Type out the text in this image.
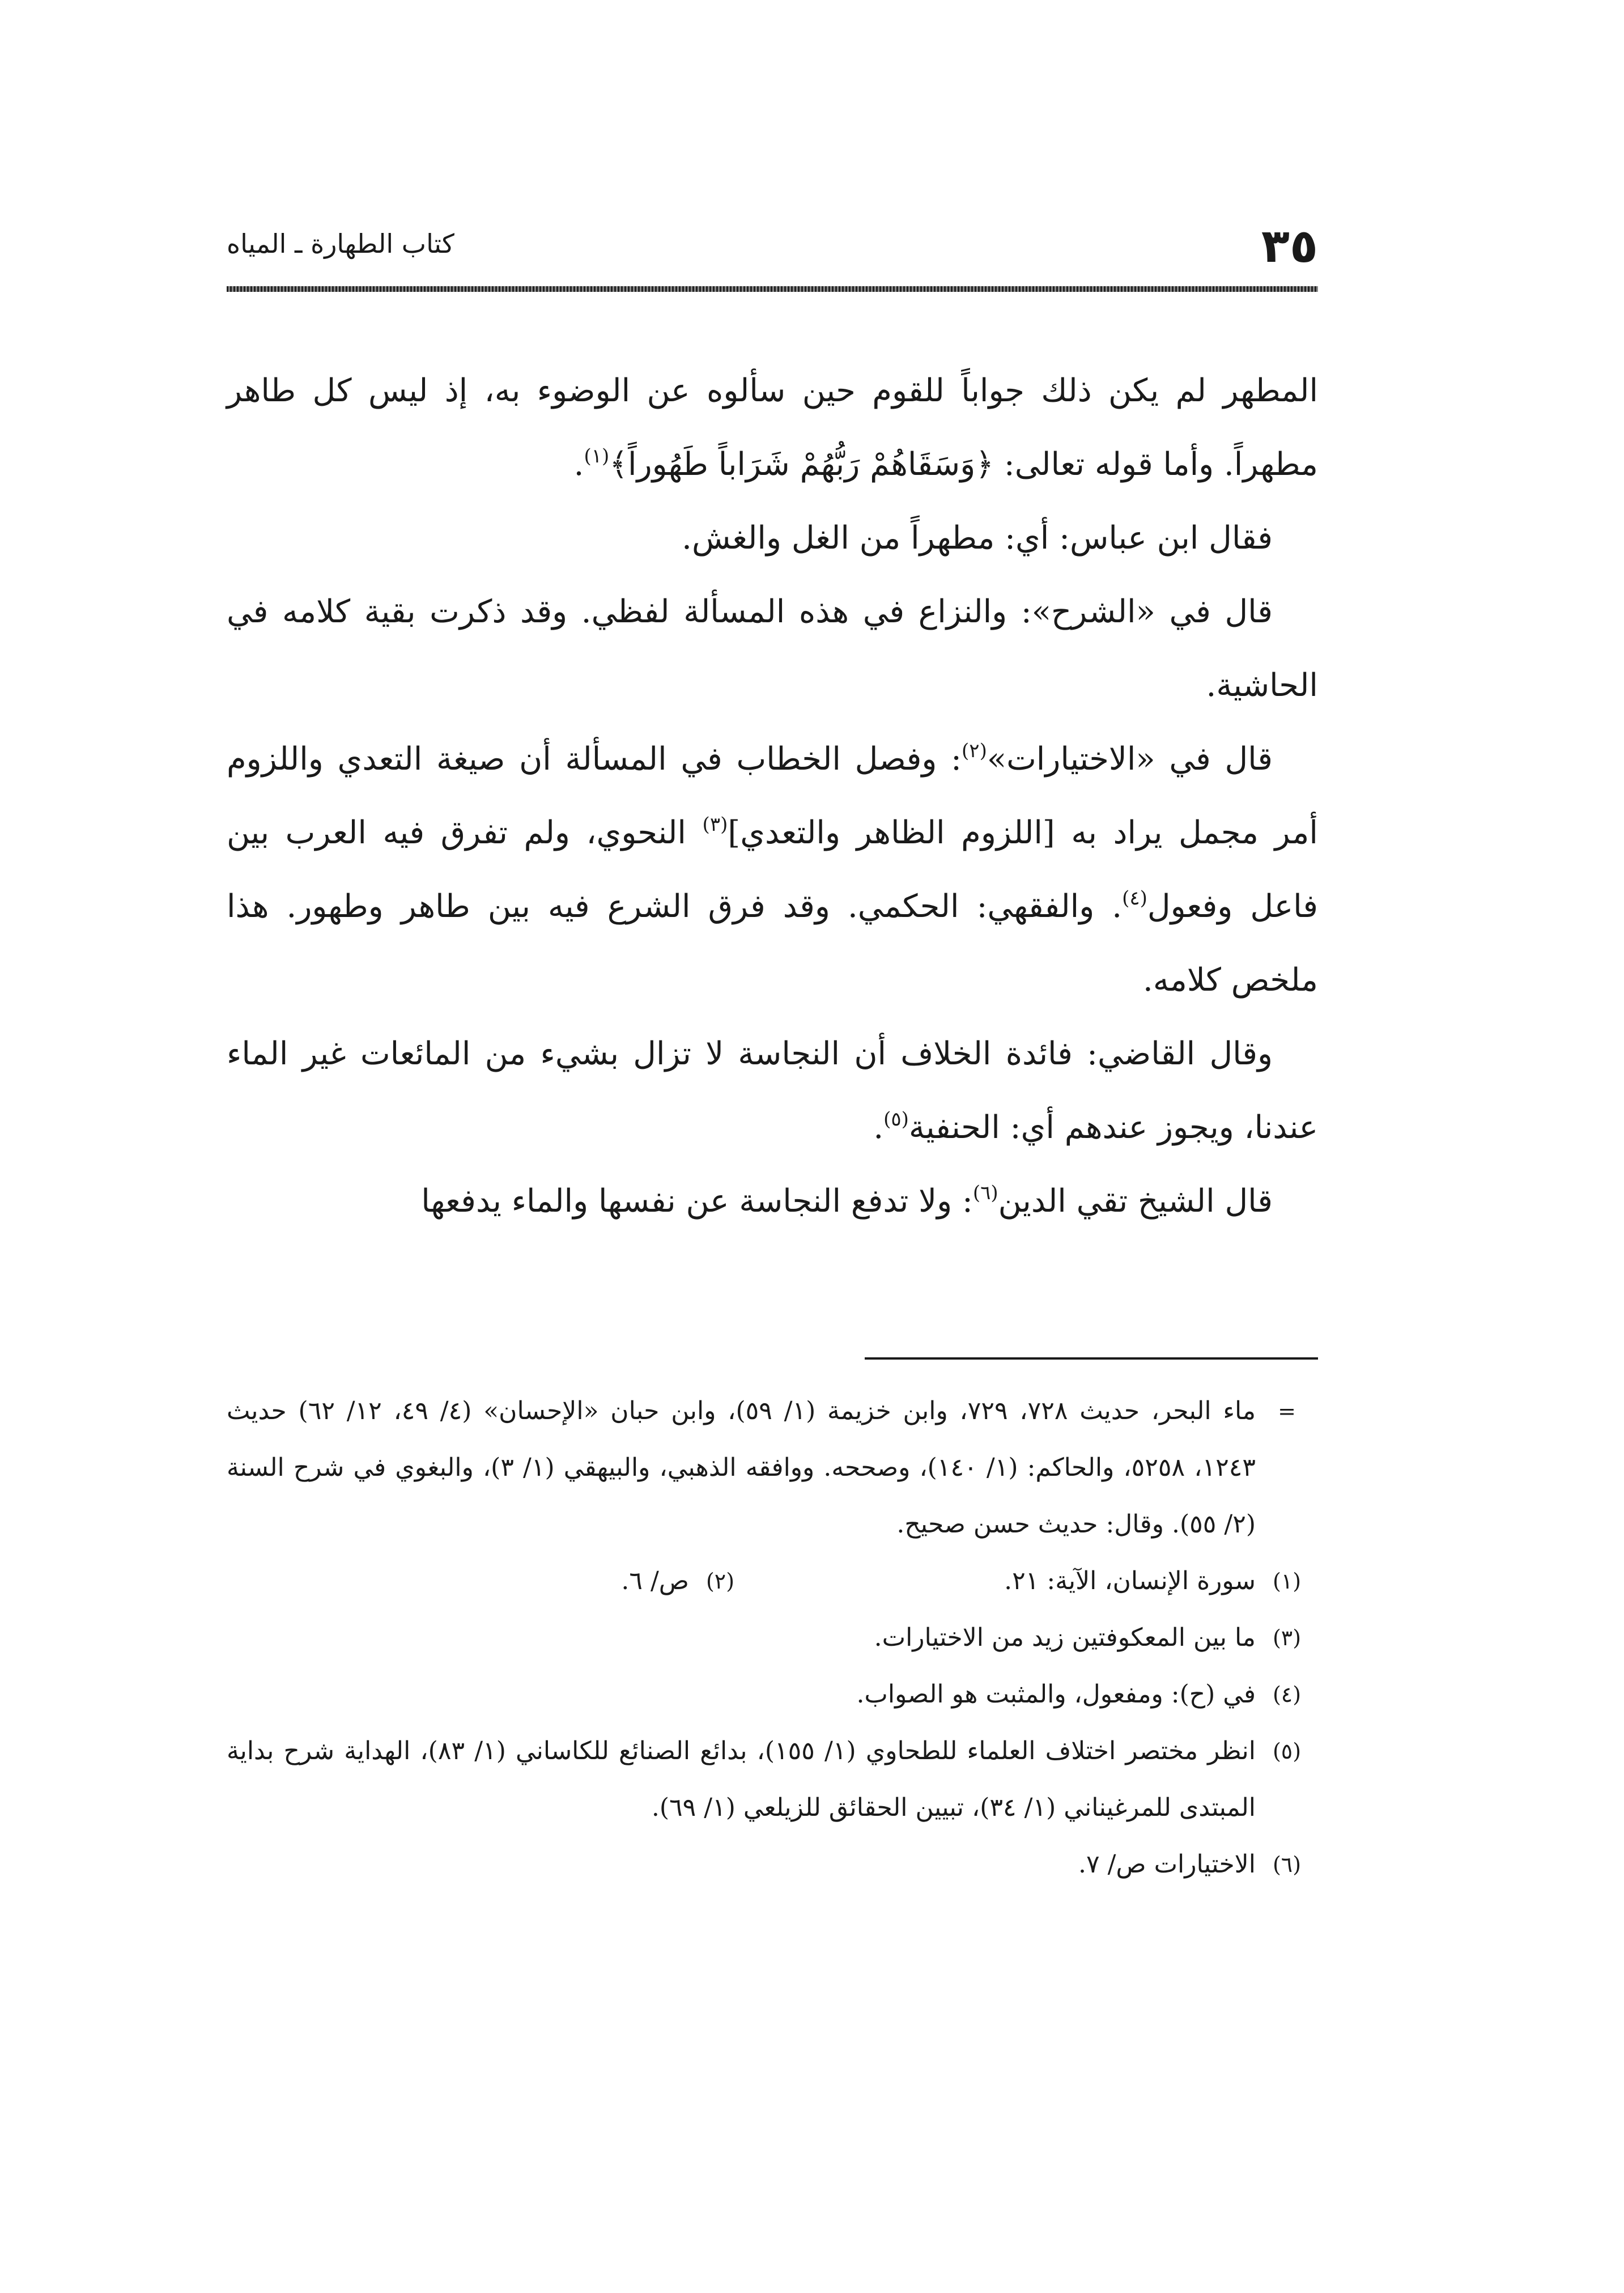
٣٥
كتاب الطهارة ـ المياه

المطهر لم يكن ذلك جواباً للقوم حين سألوه عن الوضوء به، إذ ليس كل طاهر مطهراً. وأما قوله تعالى: ﴿وَسَقَاهُمْ رَبُّهُمْ شَرَاباً طَهُوراً﴾$^{(١)}$.

فقال ابن عباس: أي: مطهراً من الغل والغش.

قال في «الشرح»: والنزاع في هذه المسألة لفظي. وقد ذكرت بقية كلامه في الحاشية.

قال في «الاختيارات»$^{(٢)}$: وفصل الخطاب في المسألة أن صيغة التعدي واللزوم أمر مجمل يراد به [اللزوم الظاهر والتعدي]$^{(٣)}$ النحوي، ولم تفرق فيه العرب بين فاعل وفعول$^{(٤)}$. والفقهي: الحكمي. وقد فرق الشرع فيه بين طاهر وطهور. هذا ملخص كلامه.

وقال القاضي: فائدة الخلاف أن النجاسة لا تزال بشيء من المائعات غير الماء عندنا، ويجوز عندهم أي: الحنفية$^{(٥)}$.

قال الشيخ تقي الدين$^{(٦)}$: ولا تدفع النجاسة عن نفسها والماء يدفعها

=
ماء البحر، حديث ٧٢٨، ٧٢٩، وابن خزيمة (١/ ٥٩)، وابن حبان «الإحسان» (٤/ ٤٩، ١٢/ ٦٢) حديث ١٢٤٣، ٥٢٥٨، والحاكم: (١/ ١٤٠)، وصححه. ووافقه الذهبي، والبيهقي (١/ ٣)، والبغوي في شرح السنة (٢/ ٥٥). وقال: حديث حسن صحيح.
(١)
سورة الإنسان، الآية: ٢١.
(٢)
ص/ ٦.
(٣)
ما بين المعكوفتين زيد من الاختيارات.
(٤)
في (ح): ومفعول، والمثبت هو الصواب.
(٥)
انظر مختصر اختلاف العلماء للطحاوي (١/ ١٥٥)، بدائع الصنائع للكاساني (١/ ٨٣)، الهداية شرح بداية المبتدى للمرغيناني (١/ ٣٤)، تبيين الحقائق للزيلعي (١/ ٦٩).
(٦)
الاختيارات ص/ ٧.
